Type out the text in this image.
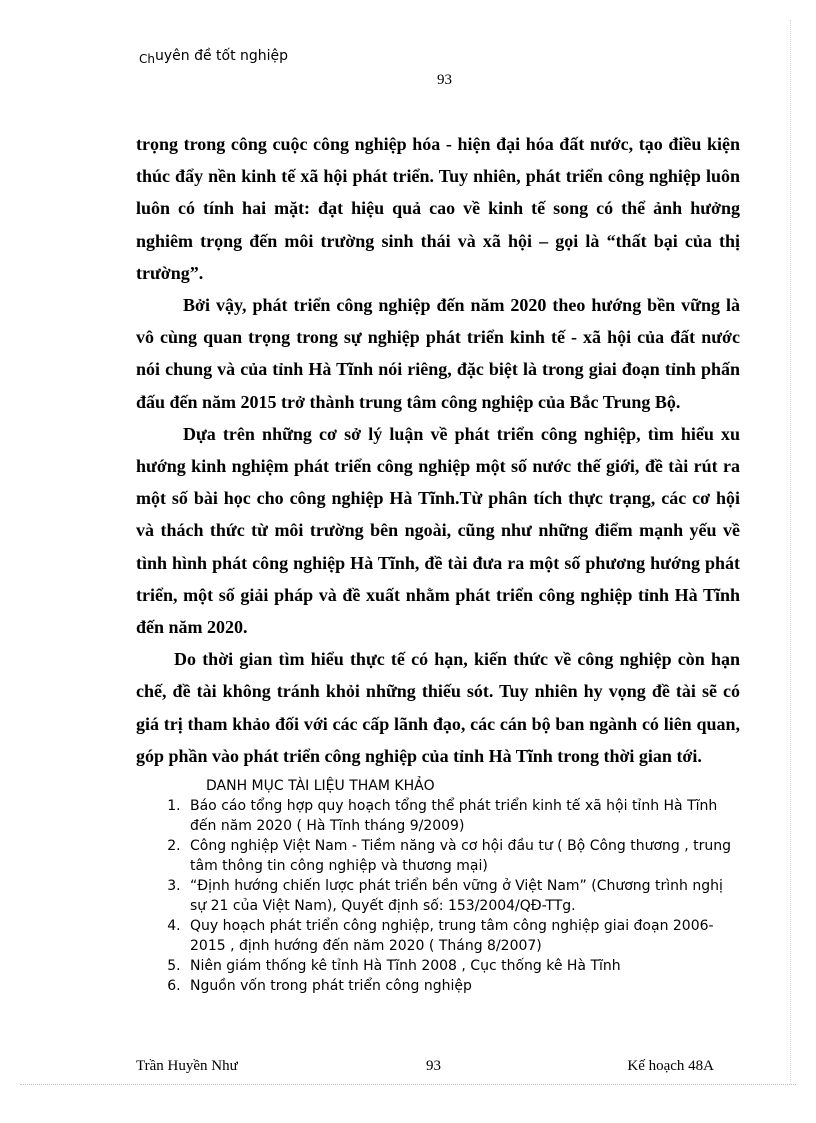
Chuyên đề tốt nghiệp
93

trọng trong công cuộc công nghiệp hóa - hiện đại hóa đất nước, tạo điều kiện thúc đẩy nền kinh tế xã hội phát triển. Tuy nhiên, phát triển công nghiệp luôn luôn có tính hai mặt: đạt hiệu quả cao về kinh tế song có thể ảnh hưởng nghiêm trọng đến môi trường sinh thái và xã hội – gọi là “thất bại của thị trường”.

Bởi vậy, phát triển công nghiệp đến năm 2020 theo hướng bền vững là vô cùng quan trọng trong sự nghiệp phát triển kinh tế - xã hội của đất nước nói chung và của tỉnh Hà Tĩnh nói riêng, đặc biệt là trong giai đoạn tỉnh phấn đấu đến năm 2015 trở thành trung tâm công nghiệp của Bắc Trung Bộ.

Dựa trên những cơ sở lý luận về phát triển công nghiệp, tìm hiểu xu hướng kinh nghiệm phát triển công nghiệp một số nước thế giới, đề tài rút ra một số bài học cho công nghiệp Hà Tĩnh.Từ phân tích thực trạng, các cơ hội và thách thức từ môi trường bên ngoài, cũng như những điểm mạnh yếu về tình hình phát công nghiệp Hà Tĩnh, đề tài đưa ra một số phương hướng phát triển, một số giải pháp và đề xuất nhằm phát triển công nghiệp tỉnh Hà Tĩnh đến năm 2020.

Do thời gian tìm hiểu thực tế có hạn, kiến thức về công nghiệp còn hạn chế, đề tài không tránh khỏi những thiếu sót. Tuy nhiên hy vọng đề tài sẽ có giá trị tham khảo đối với các cấp lãnh đạo, các cán bộ ban ngành có liên quan, góp phần vào phát triển công nghiệp của tỉnh Hà Tĩnh trong thời gian tới.

DANH MỤC TÀI LIỆU THAM KHẢO
1. Báo cáo tổng hợp quy hoạch tổng thể phát triển kinh tế xã hội tỉnh Hà Tĩnh đến năm 2020 ( Hà Tĩnh tháng 9/2009)
2. Công nghiệp Việt Nam - Tiềm năng và cơ hội đầu tư ( Bộ Công thương , trung tâm thông tin công nghiệp và thương mại)
3. “Định hướng chiến lược phát triển bền vững ở Việt Nam” (Chương trình nghị sự 21 của Việt Nam), Quyết định số: 153/2004/QĐ-TTg.
4. Quy hoạch phát triển công nghiệp, trung tâm công nghiệp giai đoạn 2006-2015 , định hướng đến năm 2020 ( Tháng 8/2007)
5. Niên giám thống kê tỉnh Hà Tĩnh 2008 , Cục thống kê Hà Tĩnh
6. Nguồn vốn trong phát triển công nghiệp
Trần Huyền Như	93	Kế hoạch 48A
